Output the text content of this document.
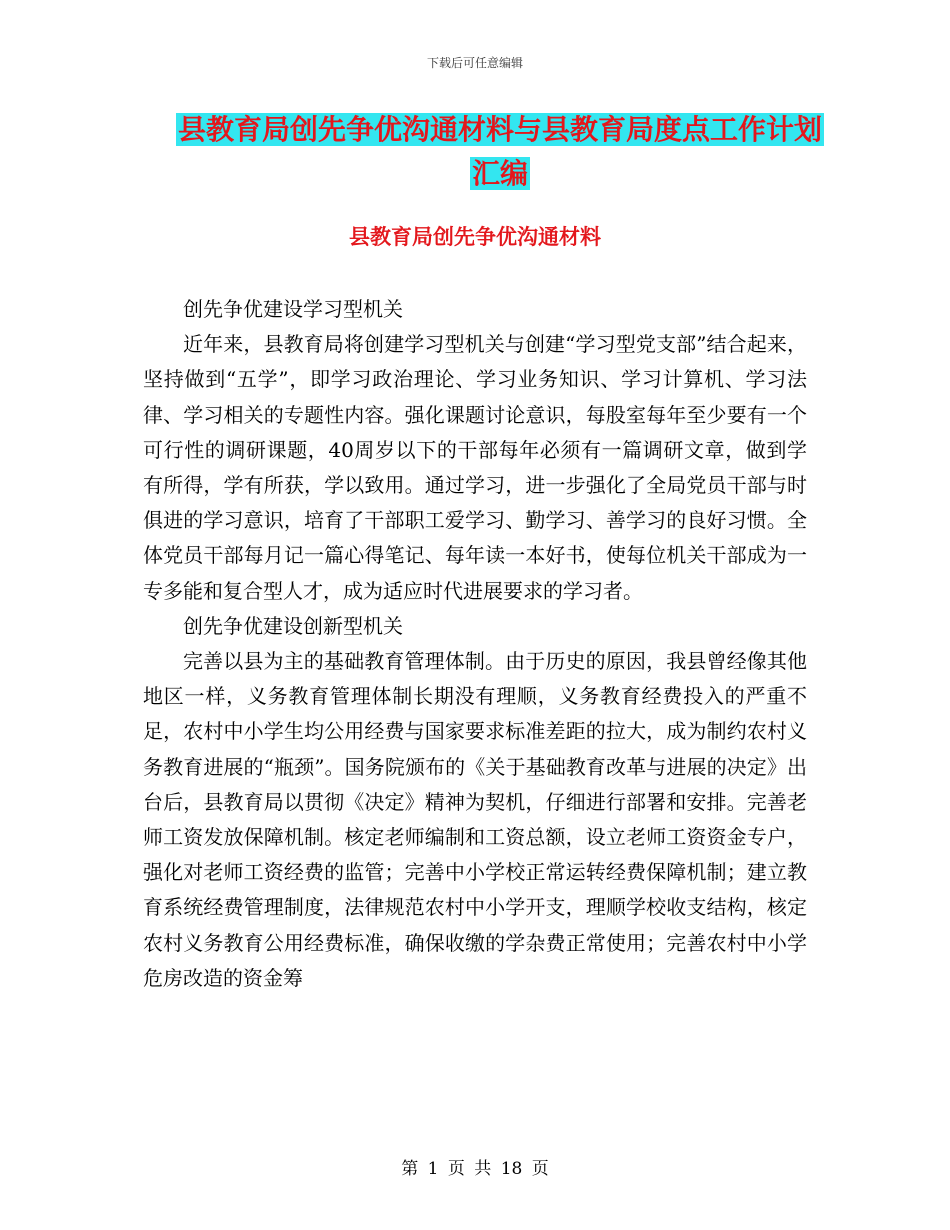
下载后可任意编辑
县教育局创先争优沟通材料与县教育局度点工作计划
汇编
县教育局创先争优沟通材料

创先争优建设学习型机关

近年来，县教育局将创建学习型机关与创建“学习型党支部”结合起来，坚持做到“五学”，即学习政治理论、学习业务知识、学习计算机、学习法律、学习相关的专题性内容。强化课题讨论意识，每股室每年至少要有一个可行性的调研课题，40周岁以下的干部每年必须有一篇调研文章，做到学有所得，学有所获，学以致用。通过学习，进一步强化了全局党员干部与时俱进的学习意识，培育了干部职工爱学习、勤学习、善学习的良好习惯。全体党员干部每月记一篇心得笔记、每年读一本好书，使每位机关干部成为一专多能和复合型人才，成为适应时代进展要求的学习者。

创先争优建设创新型机关

完善以县为主的基础教育管理体制。由于历史的原因，我县曾经像其他地区一样，义务教育管理体制长期没有理顺，义务教育经费投入的严重不足，农村中小学生均公用经费与国家要求标准差距的拉大，成为制约农村义务教育进展的“瓶颈”。国务院颁布的《关于基础教育改革与进展的决定》出台后，县教育局以贯彻《决定》精神为契机，仔细进行部署和安排。完善老师工资发放保障机制。核定老师编制和工资总额，设立老师工资资金专户，强化对老师工资经费的监管；完善中小学校正常运转经费保障机制；建立教育系统经费管理制度，法律规范农村中小学开支，理顺学校收支结构，核定农村义务教育公用经费标准，确保收缴的学杂费正常使用；完善农村中小学危房改造的资金筹

第 1 页 共 18 页
